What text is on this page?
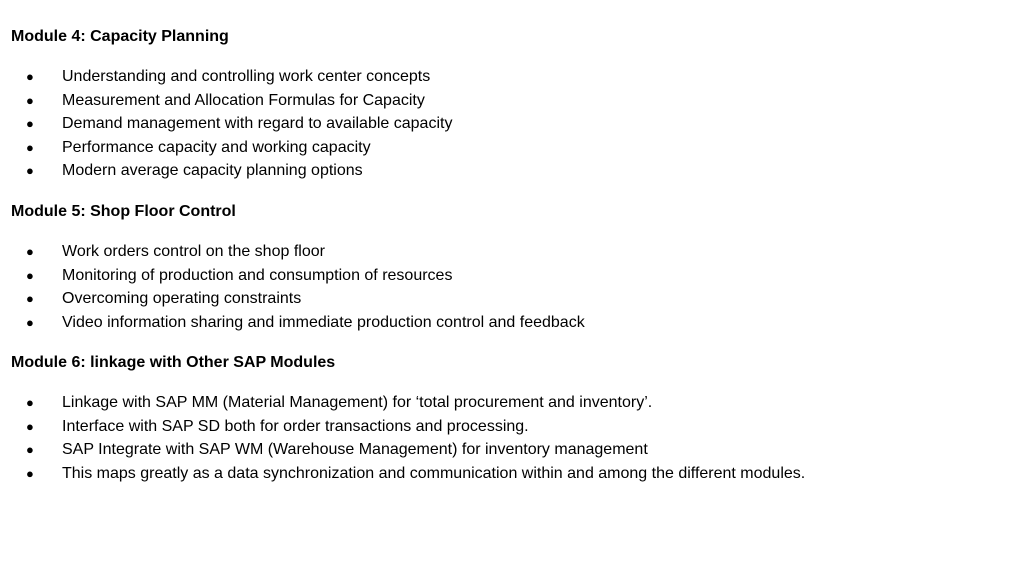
Module 4: Capacity Planning
● Understanding and controlling work center concepts
● Measurement and Allocation Formulas for Capacity
● Demand management with regard to available capacity
● Performance capacity and working capacity
● Modern average capacity planning options
Module 5: Shop Floor Control
● Work orders control on the shop floor
● Monitoring of production and consumption of resources
● Overcoming operating constraints
● Video information sharing and immediate production control and feedback
Module 6: linkage with Other SAP Modules
● Linkage with SAP MM (Material Management) for ‘total procurement and inventory’.
● Interface with SAP SD both for order transactions and processing.
● SAP Integrate with SAP WM (Warehouse Management) for inventory management
● This maps greatly as a data synchronization and communication within and among the different modules.
